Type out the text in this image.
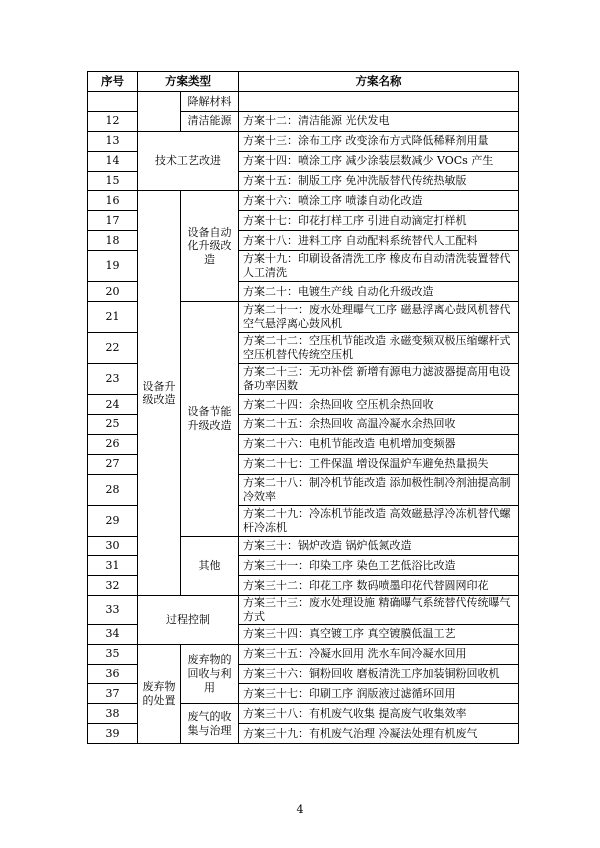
序号	方案类型		方案名称
		降解材料	
12		清洁能源	方案十二：清洁能源 光伏发电
13	技术工艺改进		方案十三：涂布工序 改变涂布方式降低稀释剂用量
14			方案十四：喷涂工序 减少涂装层数减少 VOCs 产生
15			方案十五：制版工序 免冲洗版替代传统热敏版
16	设备升级改造	设备自动化升级改造	方案十六：喷涂工序 喷漆自动化改造
17			方案十七：印花打样工序 引进自动滴定打样机
18			方案十八：进料工序 自动配料系统替代人工配料
19			方案十九：印刷设备清洗工序 橡皮布自动清洗装置替代人工清洗
20			方案二十：电镀生产线 自动化升级改造
21		设备节能升级改造	方案二十一：废水处理曝气工序 磁悬浮离心鼓风机替代空气悬浮离心鼓风机
22			方案二十二：空压机节能改造 永磁变频双极压缩螺杆式空压机替代传统空压机
23			方案二十三：无功补偿 新增有源电力滤波器提高用电设备功率因数
24			方案二十四：余热回收 空压机余热回收
25			方案二十五：余热回收 高温冷凝水余热回收
26			方案二十六：电机节能改造 电机增加变频器
27			方案二十七：工件保温 增设保温炉车避免热量损失
28			方案二十八：制冷机节能改造 添加极性制冷剂油提高制冷效率
29			方案二十九：冷冻机节能改造 高效磁悬浮冷冻机替代螺杆冷冻机
30		其他	方案三十：锅炉改造 锅炉低氮改造
31			方案三十一：印染工序 染色工艺低浴比改造
32			方案三十二：印花工序 数码喷墨印花代替圆网印花
33	过程控制		方案三十三：废水处理设施 精确曝气系统替代传统曝气方式
34			方案三十四：真空镀工序 真空镀膜低温工艺
35	废弃物的处置	废弃物的回收与利用	方案三十五：冷凝水回用 洗水车间冷凝水回用
36			方案三十六：铜粉回收 磨板清洗工序加装铜粉回收机
37			方案三十七：印刷工序 润版液过滤循环回用
38		废气的收集与治理	方案三十八：有机废气收集 提高废气收集效率
39			方案三十九：有机废气治理 冷凝法处理有机废气
4
